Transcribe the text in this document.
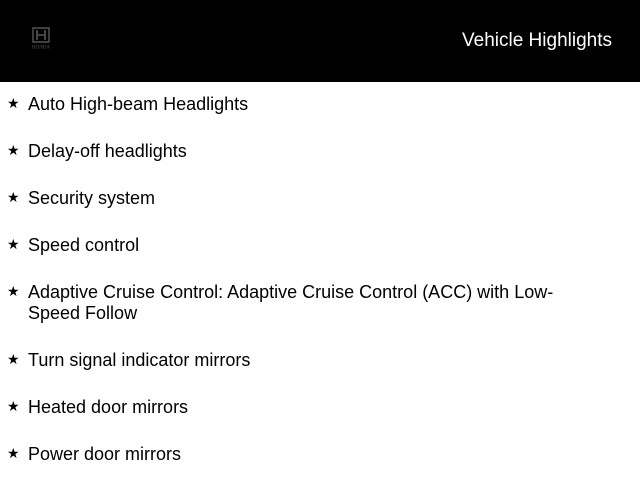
HONDA	Vehicle Highlights
★ Auto High-beam Headlights
★ Delay-off headlights
★ Security system
★ Speed control
★ Adaptive Cruise Control: Adaptive Cruise Control (ACC) with Low-Speed Follow
★ Turn signal indicator mirrors
★ Heated door mirrors
★ Power door mirrors
